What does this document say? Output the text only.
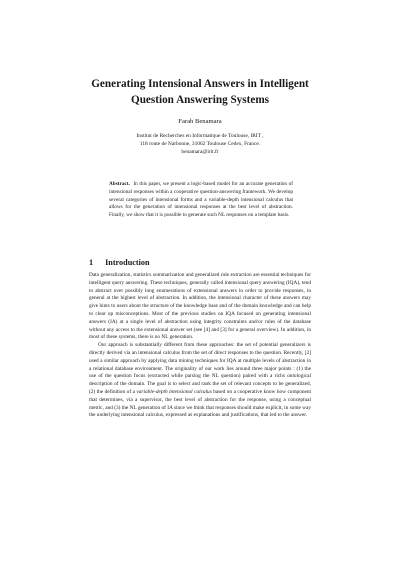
Generating Intensional Answers in Intelligent
Question Answering Systems

Farah Benamara

Institut de Recherches en Informatique de Toulouse, IRIT ,
118 route de Narbonne, 31062 Toulouse Cedex, France.
benamara@irit.fr

Abstract. In this paper, we present a logic-based model for an accurate generation of intensional responses within a cooperative question-answering framework. We develop several categories of intensional forms and a variable-depth intensional calculus that allows for the generation of intensional responses at the best level of abstraction. Finally, we show that it is possible to generate such NL responses on a template basis.

1 Introduction

Data generalization, statistics summarization and generalized rule extraction are essential techniques for intelligent query answering. These techniques, generally called intensional query answering (IQA), tend to abstract over possibly long enumerations of extensional answers in order to provide responses, in general at the highest level of abstraction. In addition, the intensional character of these answers may give hints to users about the structure of the knowledge base and of the domain knowledge and can help to clear up misconceptions. Most of the previous studies on IQA focused on generating intensional answers (IA) at a single level of abstraction using integrity constraints and/or rules of the database without any access to the extensional answer set (see [4] and [3] for a general overview). In addition, in most of these systems, there is no NL generation.

Our approach is substantially different from these approaches: the set of potential generalizers is directly derived via an intensional calculus from the set of direct responses to the question. Recently, [2] used a similar approach by applying data mining techniques for IQA at multiple levels of abstraction in a relational database environment. The originality of our work lies around three major points : (1) the use of the question focus (extracted while parsing the NL question) paired with a richs ontological description of the domain. The goal is to select and rank the set of relevant concepts to be generalized, (2) the definition of a variable-depth intensional calculus based on a cooperative know how component that determines, via a supervisor, the best level of abstraction for the response, using a conceptual metric, and (3) the NL generation of IA since we think that responses should make explicit, in some way the underlying intensional calculus, expressed as explanations and justifications, that led to the answer.
